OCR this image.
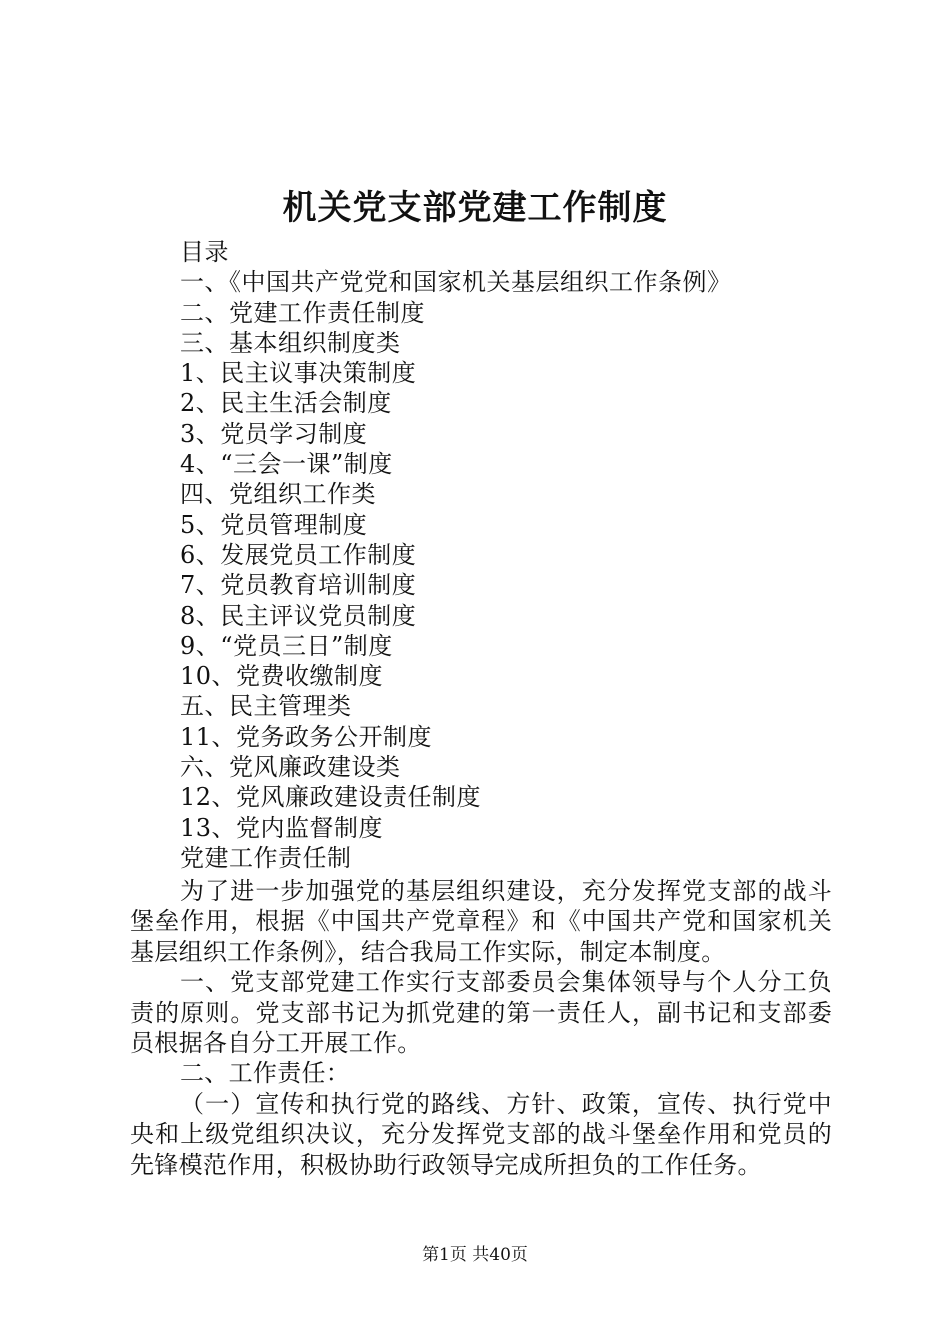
机关党支部党建工作制度
目录
一、《中国共产党党和国家机关基层组织工作条例》
二、党建工作责任制度
三、基本组织制度类
1、民主议事决策制度
2、民主生活会制度
3、党员学习制度
4、“三会一课”制度
四、党组织工作类
5、党员管理制度
6、发展党员工作制度
7、党员教育培训制度
8、民主评议党员制度
9、“党员三日”制度
10、党费收缴制度
五、民主管理类
11、党务政务公开制度
六、党风廉政建设类
12、党风廉政建设责任制度
13、党内监督制度
党建工作责任制

为了进一步加强党的基层组织建设，充分发挥党支部的战斗堡垒作用，根据《中国共产党章程》和《中国共产党和国家机关基层组织工作条例》，结合我局工作实际，制定本制度。

一、党支部党建工作实行支部委员会集体领导与个人分工负责的原则。党支部书记为抓党建的第一责任人，副书记和支部委员根据各自分工开展工作。

二、工作责任：

（一）宣传和执行党的路线、方针、政策，宣传、执行党中央和上级党组织决议，充分发挥党支部的战斗堡垒作用和党员的先锋模范作用，积极协助行政领导完成所担负的工作任务。

第1页 共40页
